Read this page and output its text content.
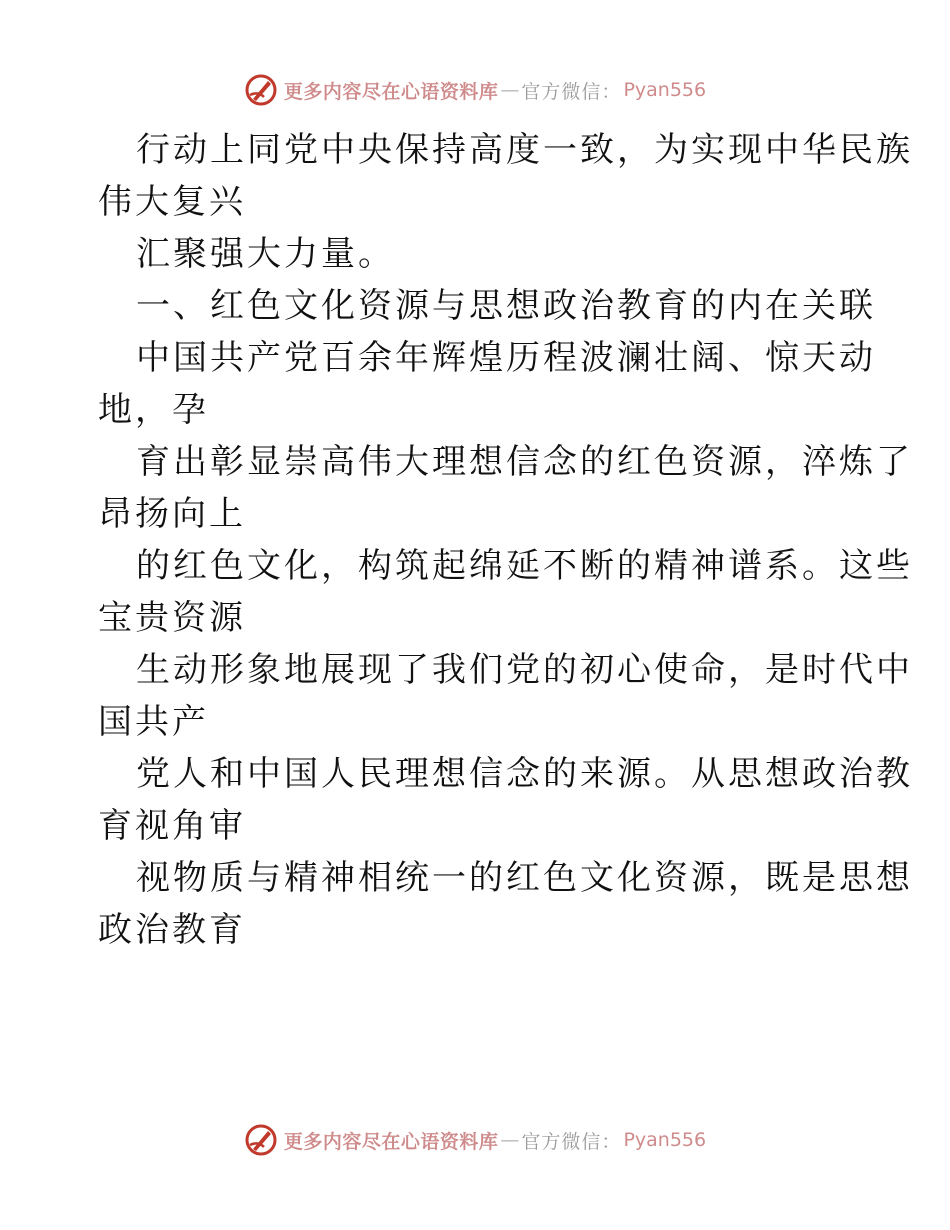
更多内容尽在心语资料库 — 官方微信： Pyan556
行动上同党中央保持高度一致，为实现中华民族
伟大复兴
汇聚强大力量。
一、红色文化资源与思想政治教育的内在关联
中国共产党百余年辉煌历程波澜壮阔、惊天动
地，孕
育出彰显崇高伟大理想信念的红色资源，淬炼了
昂扬向上
的红色文化，构筑起绵延不断的精神谱系。这些
宝贵资源
生动形象地展现了我们党的初心使命，是时代中
国共产
党人和中国人民理想信念的来源。从思想政治教
育视角审
视物质与精神相统一的红色文化资源，既是思想
政治教育
更多内容尽在心语资料库 — 官方微信： Pyan556
